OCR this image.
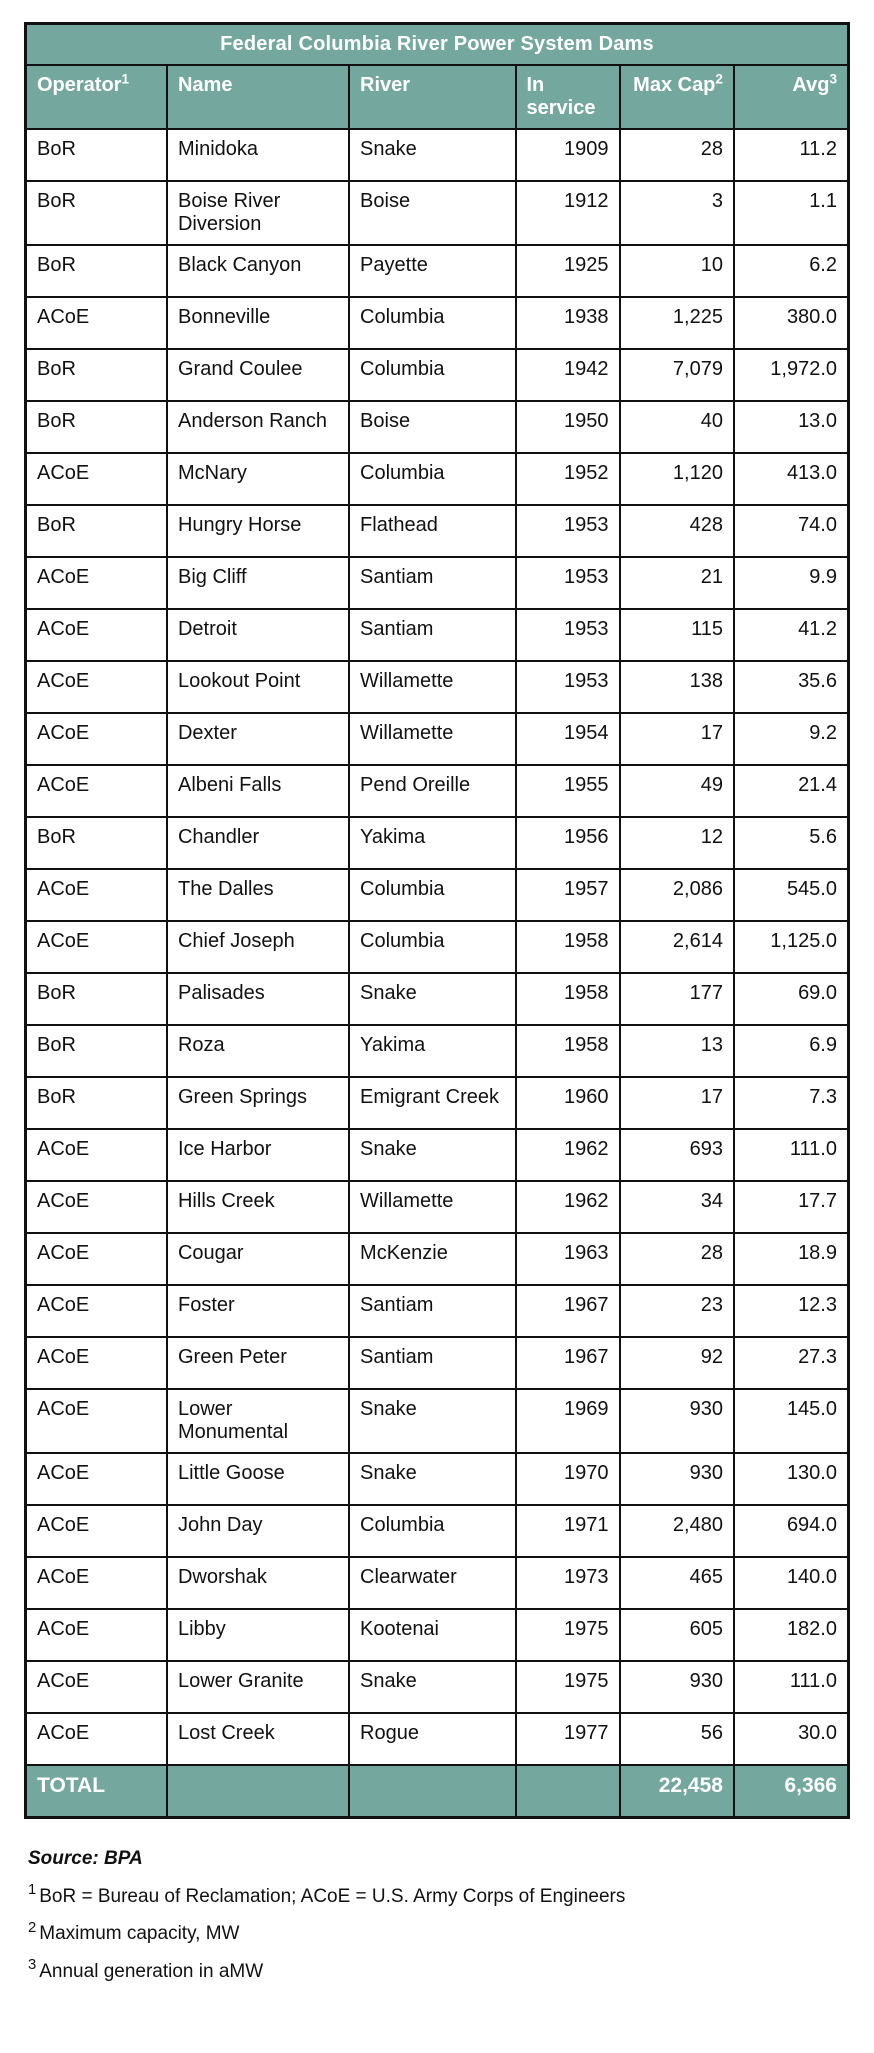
Federal Columbia River Power System Dams					
Operator$^1$	Name	River	In service	Max Cap$^2$	Avg$^3$
BoR	Minidoka	Snake	1909	28	11.2
BoR	Boise River Diversion	Boise	1912	3	1.1
BoR	Black Canyon	Payette	1925	10	6.2
ACoE	Bonneville	Columbia	1938	1,225	380.0
BoR	Grand Coulee	Columbia	1942	7,079	1,972.0
BoR	Anderson Ranch	Boise	1950	40	13.0
ACoE	McNary	Columbia	1952	1,120	413.0
BoR	Hungry Horse	Flathead	1953	428	74.0
ACoE	Big Cliff	Santiam	1953	21	9.9
ACoE	Detroit	Santiam	1953	115	41.2
ACoE	Lookout Point	Willamette	1953	138	35.6
ACoE	Dexter	Willamette	1954	17	9.2
ACoE	Albeni Falls	Pend Oreille	1955	49	21.4
BoR	Chandler	Yakima	1956	12	5.6
ACoE	The Dalles	Columbia	1957	2,086	545.0
ACoE	Chief Joseph	Columbia	1958	2,614	1,125.0
BoR	Palisades	Snake	1958	177	69.0
BoR	Roza	Yakima	1958	13	6.9
BoR	Green Springs	Emigrant Creek	1960	17	7.3
ACoE	Ice Harbor	Snake	1962	693	111.0
ACoE	Hills Creek	Willamette	1962	34	17.7
ACoE	Cougar	McKenzie	1963	28	18.9
ACoE	Foster	Santiam	1967	23	12.3
ACoE	Green Peter	Santiam	1967	92	27.3
ACoE	Lower Monumental	Snake	1969	930	145.0
ACoE	Little Goose	Snake	1970	930	130.0
ACoE	John Day	Columbia	1971	2,480	694.0
ACoE	Dworshak	Clearwater	1973	465	140.0
ACoE	Libby	Kootenai	1975	605	182.0
ACoE	Lower Granite	Snake	1975	930	111.0
ACoE	Lost Creek	Rogue	1977	56	30.0
TOTAL				22,458	6,366
Source: BPA
$^1$ BoR = Bureau of Reclamation; ACoE = U.S. Army Corps of Engineers
$^2$ Maximum capacity, MW
$^3$ Annual generation in aMW
